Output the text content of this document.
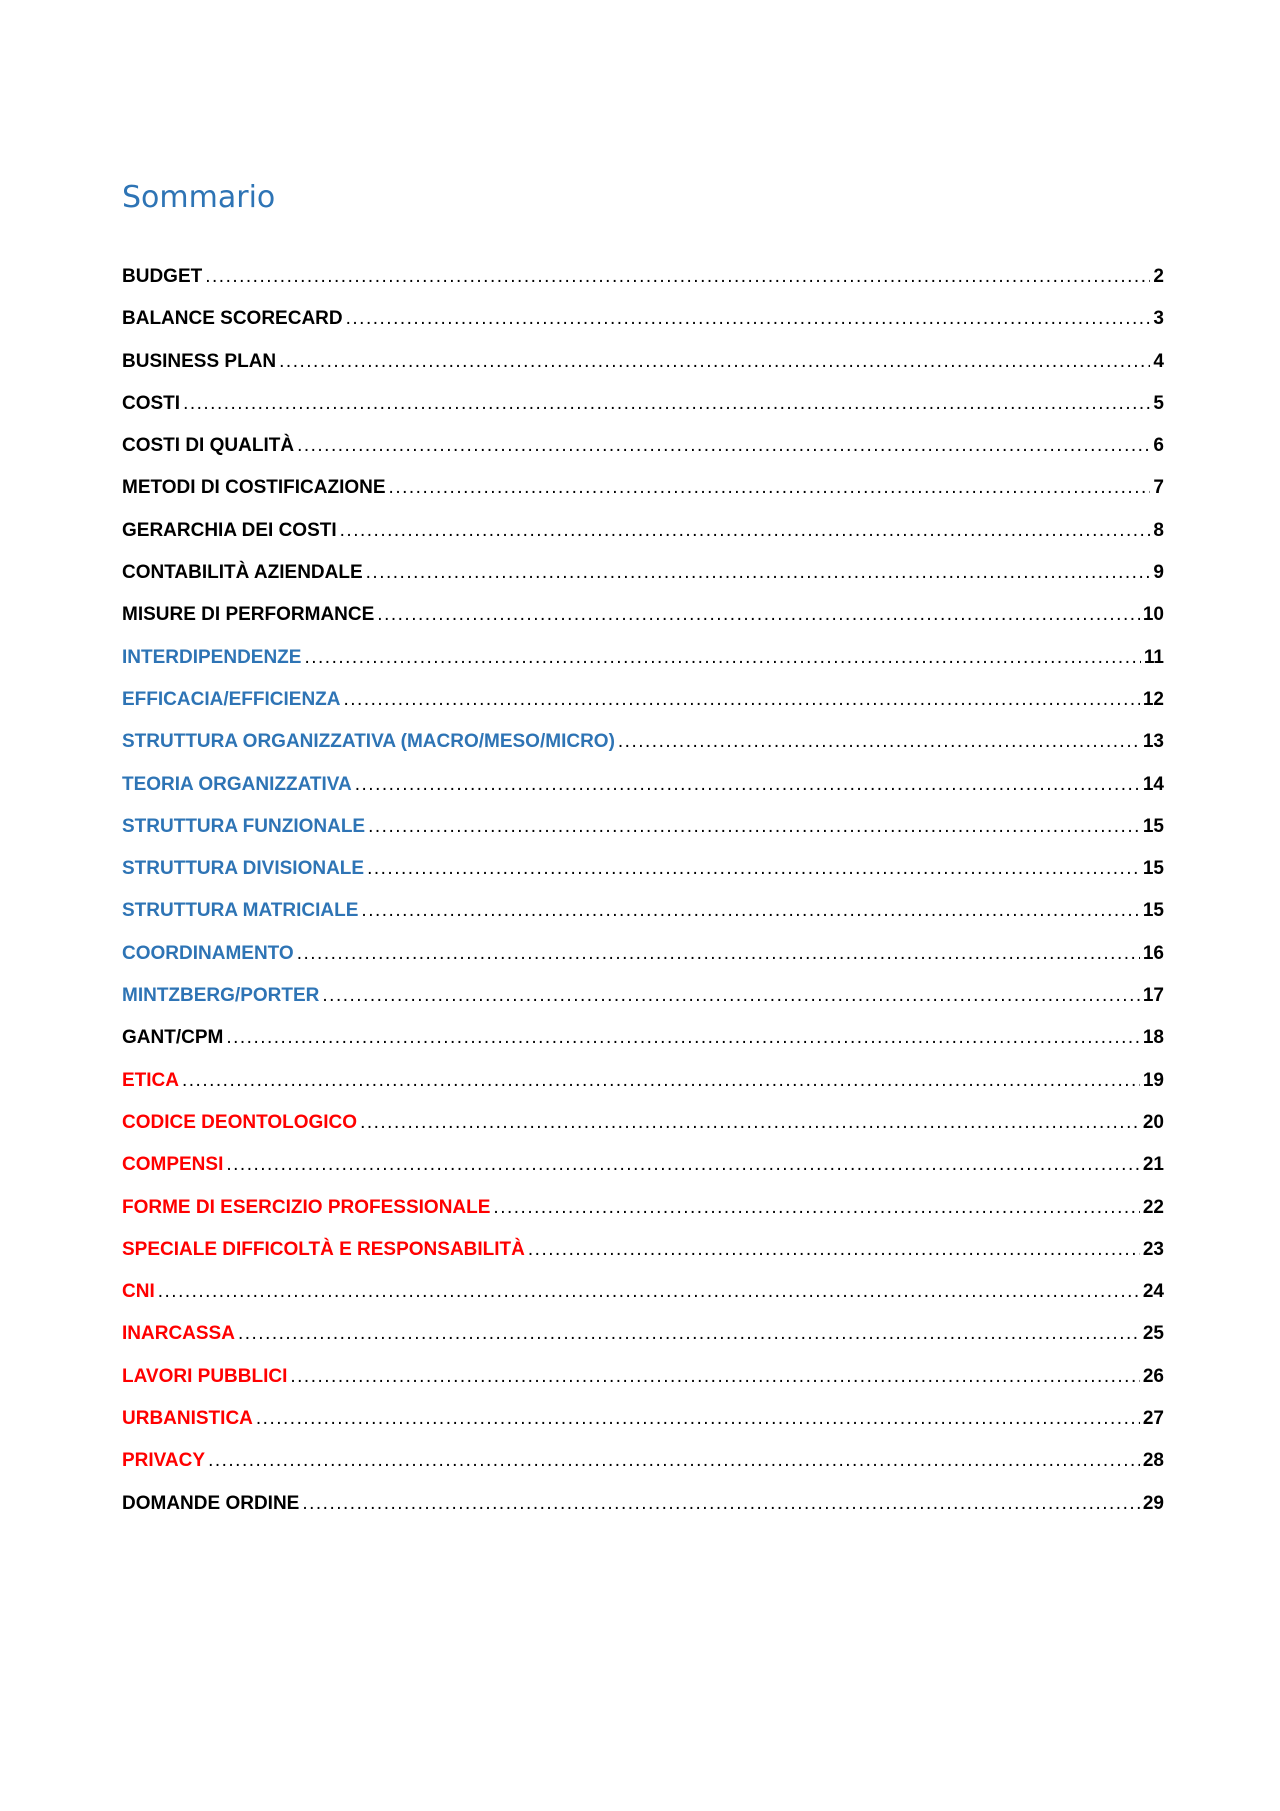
Sommario
BUDGET .....	2
BALANCE SCORECARD .....	3
BUSINESS PLAN .....	4
COSTI .....	5
COSTI DI QUALITÀ .....	6
METODI DI COSTIFICAZIONE .....	7
GERARCHIA DEI COSTI .....	8
CONTABILITÀ AZIENDALE .....	9
MISURE DI PERFORMANCE .....	10
INTERDIPENDENZE .....	11
EFFICACIA/EFFICIENZA .....	12
STRUTTURA ORGANIZZATIVA (MACRO/MESO/MICRO) .....	13
TEORIA ORGANIZZATIVA .....	14
STRUTTURA FUNZIONALE .....	15
STRUTTURA DIVISIONALE .....	15
STRUTTURA MATRICIALE .....	15
COORDINAMENTO .....	16
MINTZBERG/PORTER .....	17
GANT/CPM .....	18
ETICA .....	19
CODICE DEONTOLOGICO .....	20
COMPENSI .....	21
FORME DI ESERCIZIO PROFESSIONALE .....	22
SPECIALE DIFFICOLTÀ E RESPONSABILITÀ .....	23
CNI .....	24
INARCASSA .....	25
LAVORI PUBBLICI .....	26
URBANISTICA .....	27
PRIVACY .....	28
DOMANDE ORDINE .....	29
